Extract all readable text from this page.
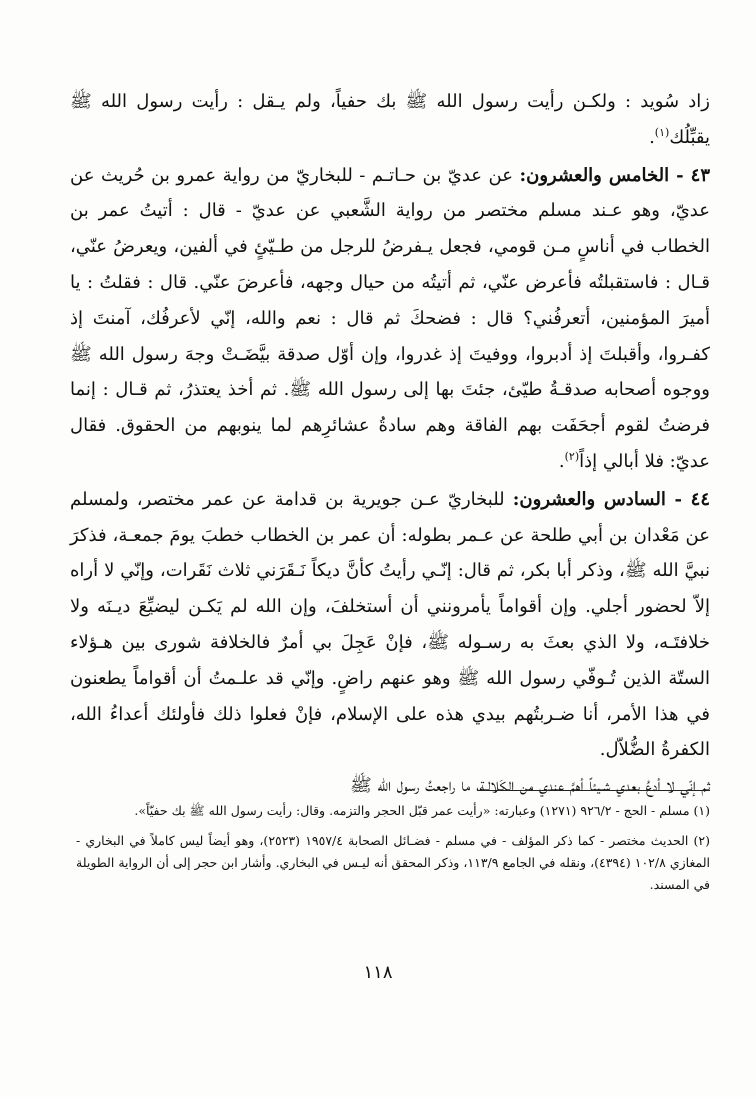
زاد سُويد : ولكـن رأيت رسول الله ﷺ بك حفياً، ولم يـقل : رأيت رسول الله ﷺ يقبِّلُك$^{(١)}$.

٤٣ - الخامس والعشرون: عن عديّ بن حـاتـم - للبخاريّ من رواية عمرو بن حُريث عن عديّ، وهو عـند مسلم مختصر من رواية الشَّعبي عن عديّ - قال : أتيتُ عمر بن الخطاب في أناسٍ مـن قومي، فجعل يـفرضُ للرجل من طـيّئٍ في ألفين، ويعرضُ عنّي، قـال : فاستقبلتُه فأعرض عنّي، ثم أتيتُه من حيال وجهه، فأعرضَ عنّي. قال : فقلتُ : يا أميرَ المؤمنين، أتعرفُني؟ قال : فضحكَ ثم قال : نعم والله، إنّي لأعرفُك، آمنتَ إذ كفـروا، وأقبلتَ إذ أدبروا، ووفيتَ إذ غدروا، وإن أوّل صدقة بيَّضَـتْ وجهَ رسول الله ﷺ ووجوه أصحابه صدقـةُ طيّئ، جئتَ بها إلى رسول الله ﷺ. ثم أخذ يعتذرُ، ثم قـال : إنما فرضتُ لقوم أجحَفَت بهم الفاقة وهم سادةُ عشائرِهم لما ينوبهم من الحقوق. فقال عديّ: فلا أبالي إذاً$^{(٢)}$.

٤٤ - السادس والعشرون: للبخاريّ عـن جويرية بن قدامة عن عمر مختصر، ولمسلم عن مَعْدان بن أبي طلحة عن عـمر بطوله: أن عمر بن الخطاب خطبَ يومَ جمعـة، فذكرَ نبيَّ الله ﷺ، وذكر أبا بكر، ثم قال: إنّـي رأيتُ كأنَّ ديكاً نَـقَرَني ثلاث نَقَرات، وإنّي لا أراه إلاّ لحضور أجلي. وإن أقواماً يأمرونني أن أستخلفَ، وإن الله لم يَكـن ليضيِّعَ ديـنَه ولا خلافتَـه، ولا الذي بعثَ به رسـوله ﷺ، فإنْ عَجِلَ بي أمرٌ فالخلافة شورى بين هـؤلاء الستّة الذين تُـوفّي رسول الله ﷺ وهو عنهم راضٍ. وإنّي قد علـمتُ أن أقواماً يطعنون في هذا الأمر، أنا ضـربتُهم بيدي هذه على الإسلام، فإنْ فعلوا ذلك فأولئك أعداءُ الله، الكفرةُ الضُّلاّل.

ثم إنّي لا أدعُ بعدي شـيئاً أهمَّ عندي من الكَلالـة، ما راجعتُ رسول الله ﷺ

(١) مسلم - الحج - ٩٢٦/٢ (١٢٧١) وعبارته: «رأيت عمر قبّل الحجر والتزمه. وقال: رأيت رسول الله ﷺ بك حفيّاً».

(٢) الحديث مختصر - كما ذكر المؤلف - في مسلم - فضـائل الصحابة ١٩٥٧/٤ (٢٥٢٣)، وهو أيضاً ليس كاملاً في البخاري - المغازي ١٠٢/٨ (٤٣٩٤)، ونقله في الجامع ١١٣/٩، وذكر المحقق أنه ليـس في البخاري. وأشار ابن حجر إلى أن الرواية الطويلة في المسند.

١١٨
